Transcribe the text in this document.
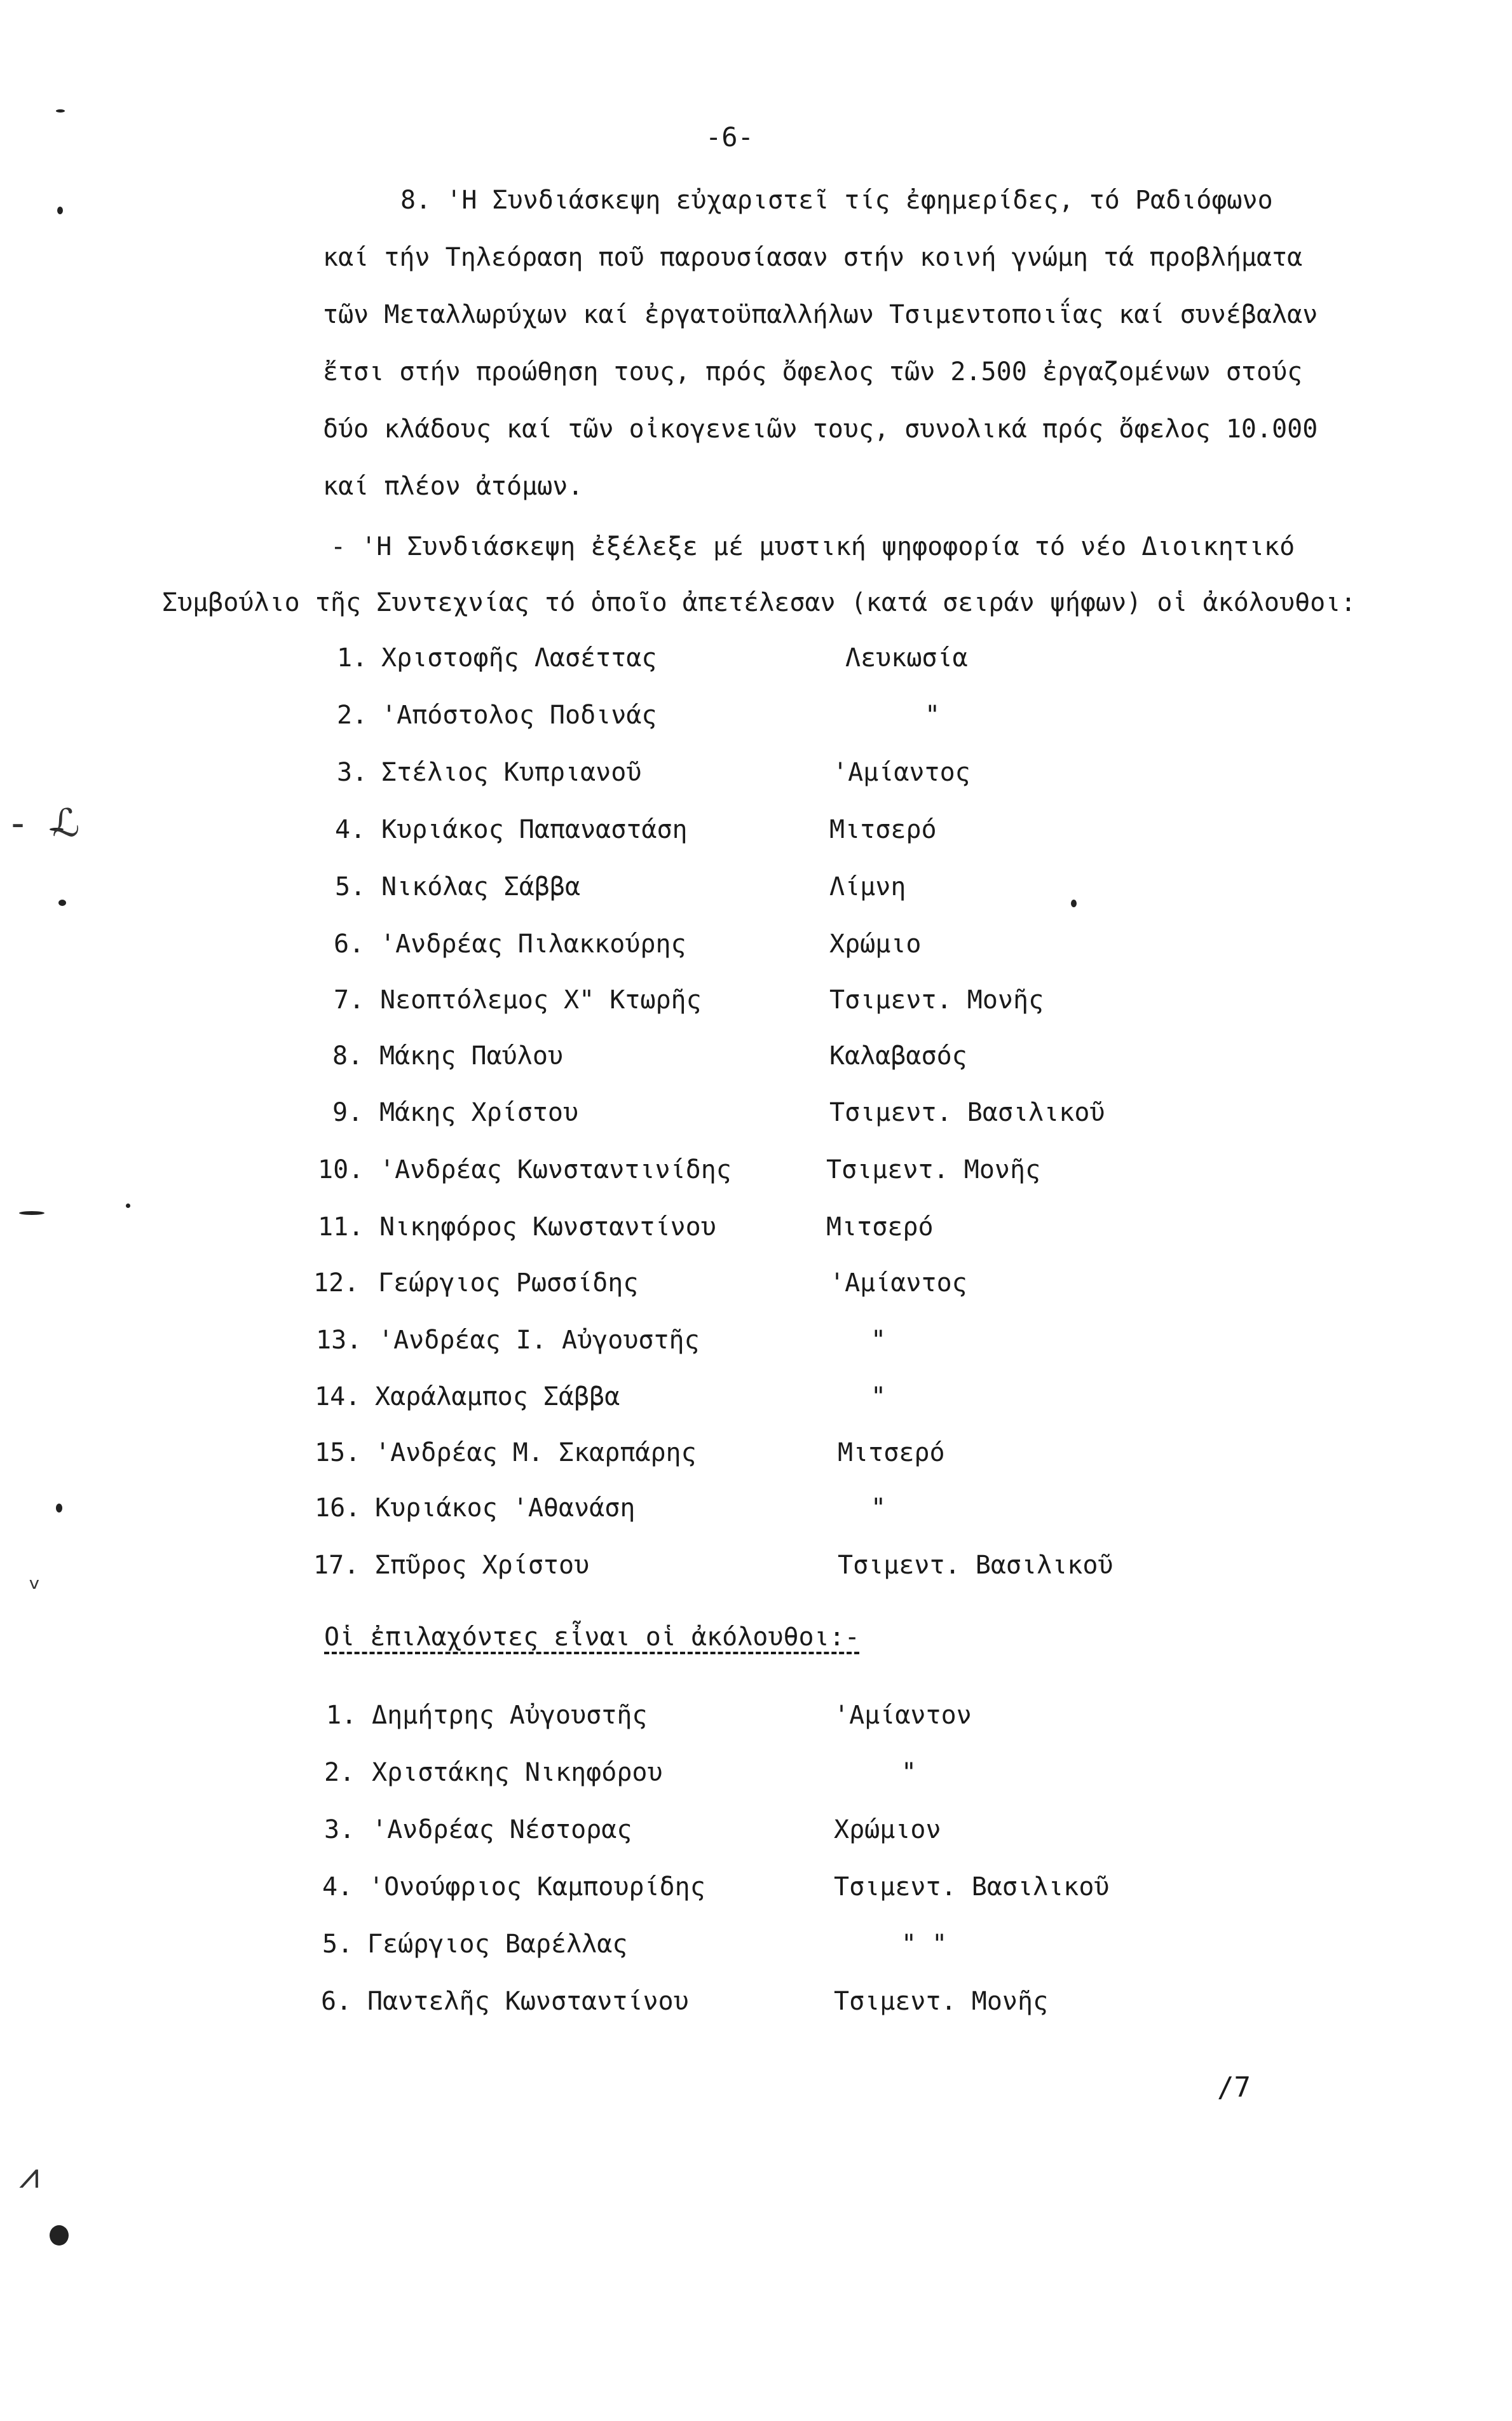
-6-
8. 'Η Συνδιάσκεψη εὐχαριστεῖ τίς ἐφημερίδες, τό Ραδιόφωνο
καί τήν Τηλεόραση ποῦ παρουσίασαν στήν κοινή γνώμη τά προβλήματα
τῶν Μεταλλωρύχων καί ἐργατοϋπαλλήλων Τσιμεντοποιΐας καί συνέβαλαν
ἔτσι στήν προώθηση τους, πρός ὄφελος τῶν 2.500 ἐργαζομένων στούς
δύο κλάδους καί τῶν οἰκογενειῶν τους, συνολικά πρός ὄφελος 10.000
καί πλέον ἀτόμων.
- 'Η Συνδιάσκεψη ἐξέλεξε μέ μυστική ψηφοφορία τό νέο Διοικητικό
Συμβούλιο τῆς Συντεχνίας τό ὁποῖο ἀπετέλεσαν (κατά σειράν ψήφων) οἱ ἀκόλουθοι:
1. Χριστοφῆς Λασέττας	Λευκωσία
2. 'Απόστολος Ποδινάς	"
3. Στέλιος Κυπριανοῦ	'Αμίαντος
4. Κυριάκος Παπαναστάση	Μιτσερό
5. Νικόλας Σάββα	Λίμνη
6. 'Ανδρέας Πιλακκούρης	Χρώμιο
7. Νεοπτόλεμος Χ" Κτωρῆς	Τσιμεντ. Μονῆς
8. Μάκης Παύλου	Καλαβασός
9. Μάκης Χρίστου	Τσιμεντ. Βασιλικοῦ
10. 'Ανδρέας Κωνσταντινίδης	Τσιμεντ. Μονῆς
11. Νικηφόρος Κωνσταντίνου	Μιτσερό
12. Γεώργιος Ρωσσίδης	'Αμίαντος
13. 'Ανδρέας Ι. Αὐγουστῆς	"
14. Χαράλαμπος Σάββα	"
15. 'Ανδρέας Μ. Σκαρπάρης	Μιτσερό
16. Κυριάκος 'Αθανάση	"
17. Σπῦρος Χρίστου	Τσιμεντ. Βασιλικοῦ
Οἱ ἐπιλαχόντες εἶναι οἱ ἀκόλουθοι:-
1. Δημήτρης Αὐγουστῆς	'Αμίαντον
2. Χριστάκης Νικηφόρου	"
3. 'Ανδρέας Νέστορας	Χρώμιον
4. 'Ονούφριος Καμπουρίδης	Τσιμεντ. Βασιλικοῦ
5. Γεώργιος Βαρέλλας	" "
6. Παντελῆς Κωνσταντίνου	Τσιμεντ. Μονῆς
/7
- ℒ
ᵥ
⩘
